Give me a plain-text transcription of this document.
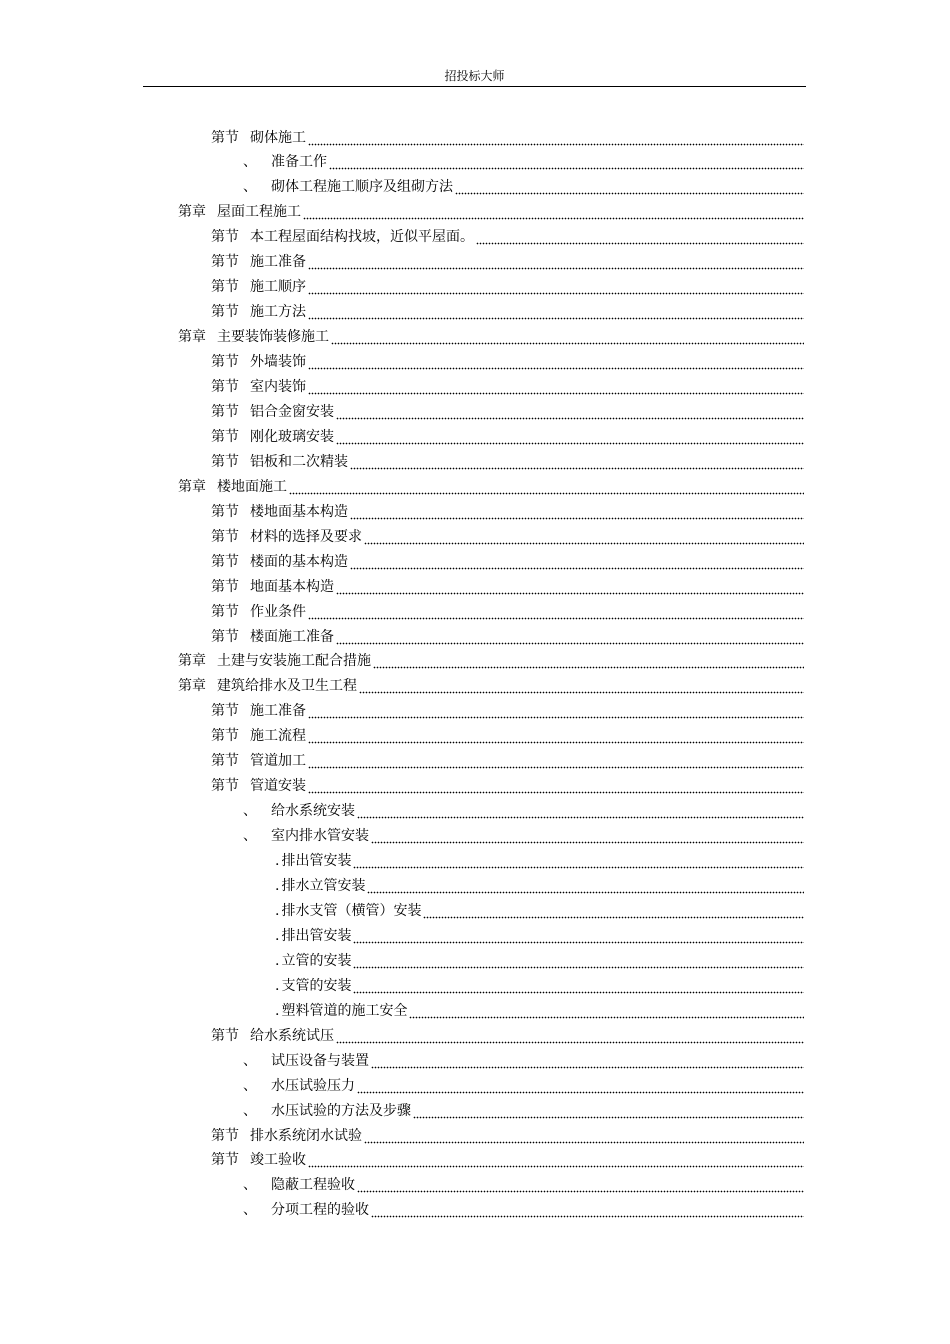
招投标大师
第节 砌体施工
、 准备工作
、 砌体工程施工顺序及组砌方法
第章 屋面工程施工
第节 本工程屋面结构找坡，近似平屋面。
第节 施工准备
第节 施工顺序
第节 施工方法
第章 主要装饰装修施工
第节 外墙装饰
第节 室内装饰
第节 铝合金窗安装
第节 刚化玻璃安装
第节 铝板和二次精装
第章 楼地面施工
第节 楼地面基本构造
第节 材料的选择及要求
第节 楼面的基本构造
第节 地面基本构造
第节 作业条件
第节 楼面施工准备
第章 土建与安装施工配合措施
第章 建筑给排水及卫生工程
第节 施工准备
第节 施工流程
第节 管道加工
第节 管道安装
、 给水系统安装
、 室内排水管安装
. 排出管安装
. 排水立管安装
. 排水支管（横管）安装
. 排出管安装
. 立管的安装
. 支管的安装
. 塑料管道的施工安全
第节 给水系统试压
、 试压设备与装置
、 水压试验压力
、 水压试验的方法及步骤
第节 排水系统闭水试验
第节 竣工验收
、 隐蔽工程验收
、 分项工程的验收
